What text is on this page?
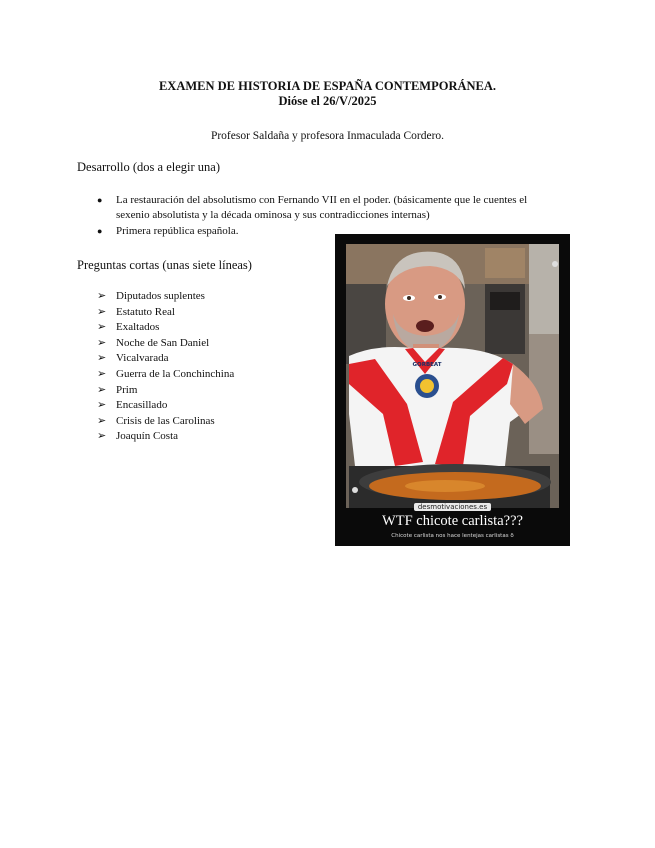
EXAMEN DE HISTORIA DE ESPAÑA CONTEMPORÁNEA.
Dióse el 26/V/2025
Profesor Saldaña y profesora Inmaculada Cordero.
Desarrollo (dos a elegir una)
●	La restauración del absolutismo con Fernando VII en el poder. (básicamente que le cuentes el sexenio absolutista y la década ominosa y sus contradicciones internas)
●	Primera república española.
Preguntas cortas (unas siete líneas)
➢ Diputados suplentes
➢ Estatuto Real
➢ Exaltados
➢ Noche de San Daniel
➢ Vicalvarada
➢ Guerra de la Conchinchina
➢ Prim
➢ Encasillado
➢ Crisis de las Carolinas
➢ Joaquín Costa
GORBEAT
desmotivaciones.es
WTF chicote carlista???
Chicote carlista nos hace lentejas carlistas ð
